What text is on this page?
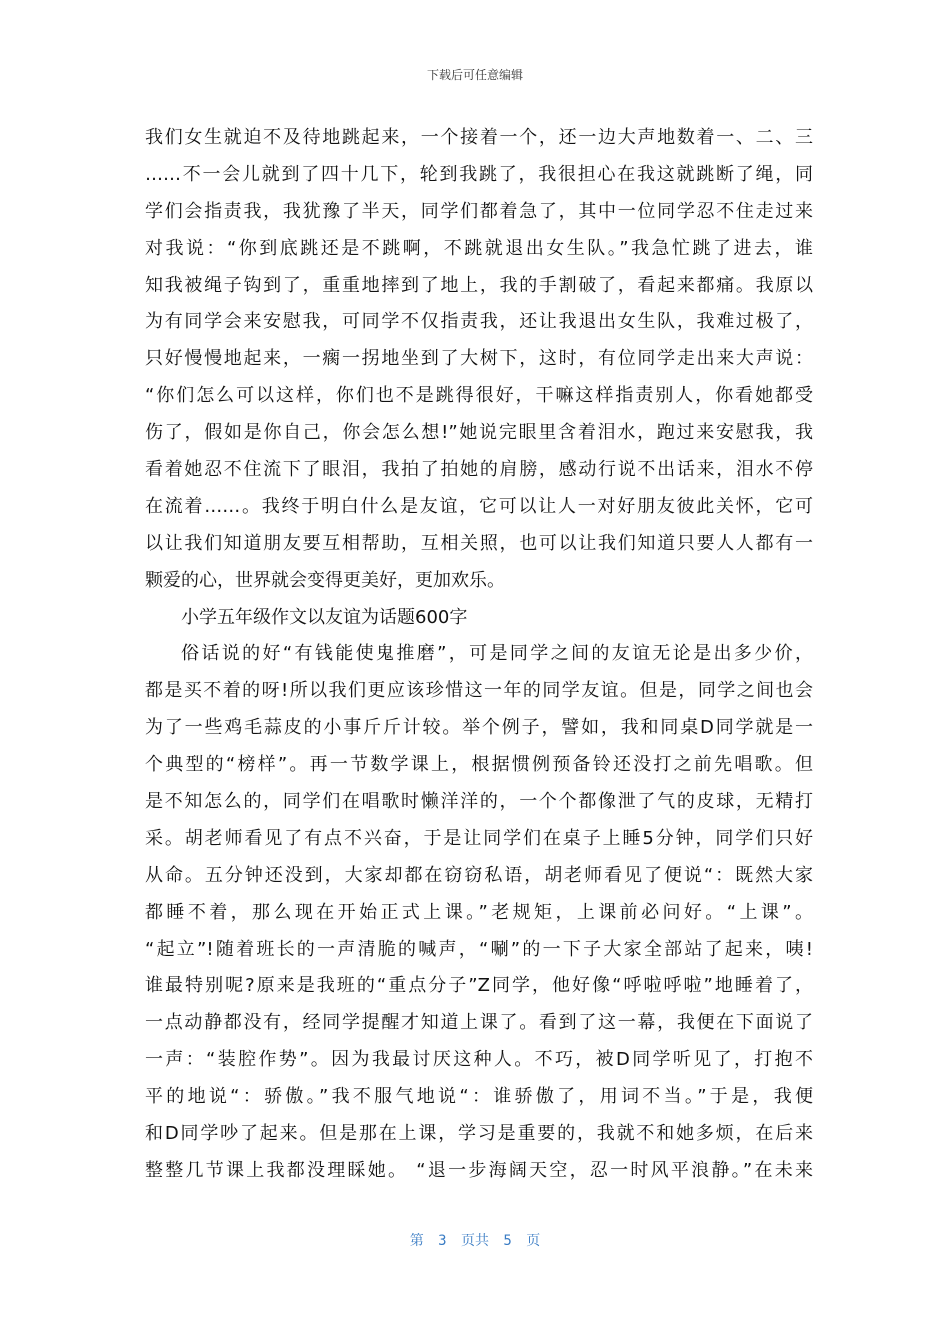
下载后可任意编辑
我们女生就迫不及待地跳起来，一个接着一个，还一边大声地数着一、二、三
……不一会儿就到了四十几下，轮到我跳了，我很担心在我这就跳断了绳，同
学们会指责我，我犹豫了半天，同学们都着急了，其中一位同学忍不住走过来
对我说：“你到底跳还是不跳啊，不跳就退出女生队。”我急忙跳了进去，谁
知我被绳子钩到了，重重地摔到了地上，我的手割破了，看起来都痛。我原以
为有同学会来安慰我，可同学不仅指责我，还让我退出女生队，我难过极了，
只好慢慢地起来，一瘸一拐地坐到了大树下，这时，有位同学走出来大声说：
“你们怎么可以这样，你们也不是跳得很好，干嘛这样指责别人，你看她都受
伤了，假如是你自己，你会怎么想!”她说完眼里含着泪水，跑过来安慰我，我
看着她忍不住流下了眼泪，我拍了拍她的肩膀，感动行说不出话来，泪水不停
在流着……。我终于明白什么是友谊，它可以让人一对好朋友彼此关怀，它可
以让我们知道朋友要互相帮助，互相关照，也可以让我们知道只要人人都有一
颗爱的心，世界就会变得更美好，更加欢乐。
小学五年级作文以友谊为话题600字
俗话说的好“有钱能使鬼推磨”，可是同学之间的友谊无论是出多少价，
都是买不着的呀!所以我们更应该珍惜这一年的同学友谊。但是，同学之间也会
为了一些鸡毛蒜皮的小事斤斤计较。举个例子，譬如，我和同桌D同学就是一
个典型的“榜样”。再一节数学课上，根据惯例预备铃还没打之前先唱歌。但
是不知怎么的，同学们在唱歌时懒洋洋的，一个个都像泄了气的皮球，无精打
采。胡老师看见了有点不兴奋，于是让同学们在桌子上睡5分钟，同学们只好
从命。五分钟还没到，大家却都在窃窃私语，胡老师看见了便说“：既然大家
都睡不着，那么现在开始正式上课。”老规矩，上课前必问好。“上课”。
“起立”!随着班长的一声清脆的喊声，“唰”的一下子大家全部站了起来，咦!
谁最特别呢?原来是我班的“重点分子”Z同学，他好像“呼啦呼啦”地睡着了，
一点动静都没有，经同学提醒才知道上课了。看到了这一幕，我便在下面说了
一声：“装腔作势”。因为我最讨厌这种人。不巧，被D同学听见了，打抱不
平的地说“：骄傲。”我不服气地说“：谁骄傲了，用词不当。”于是，我便
和D同学吵了起来。但是那在上课，学习是重要的，我就不和她多烦，在后来
整整几节课上我都没理睬她。 “退一步海阔天空，忍一时风平浪静。”在未来
第 3 页共 5 页
